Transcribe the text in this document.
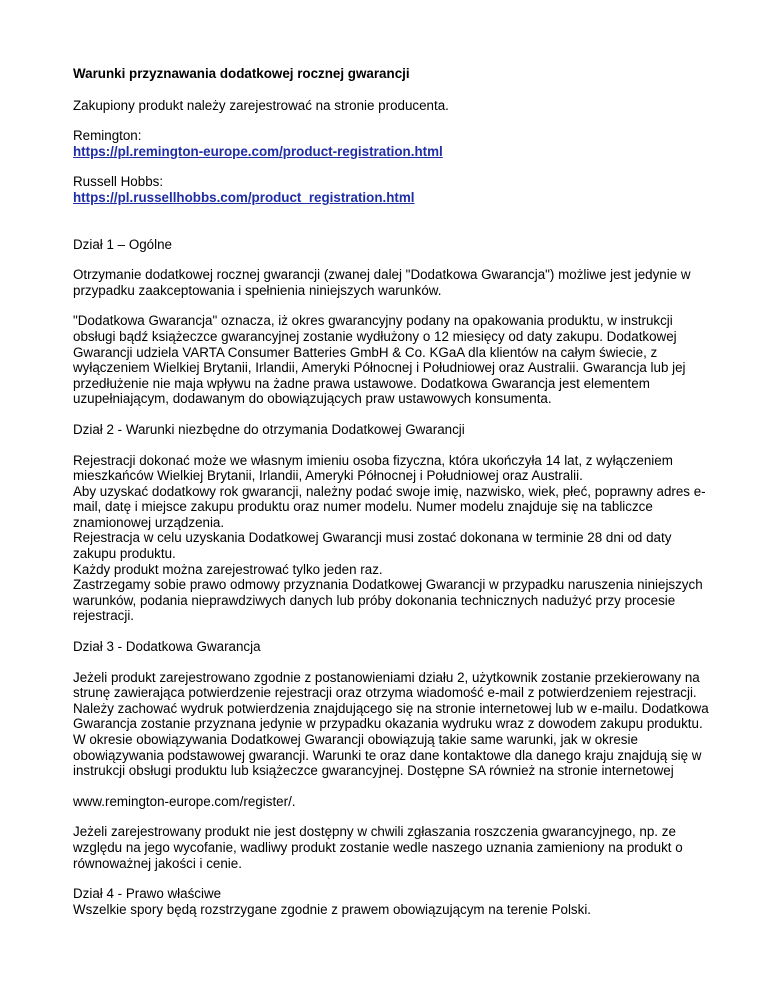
Warunki przyznawania dodatkowej rocznej gwarancji

Zakupiony produkt należy zarejestrować na stronie producenta.

Remington:
https://pl.remington-europe.com/product-registration.html

Russell Hobbs:
https://pl.russellhobbs.com/product_registration.html

Dział 1 – Ogólne

Otrzymanie dodatkowej rocznej gwarancji (zwanej dalej "Dodatkowa Gwarancja") możliwe jest jedynie w przypadku zaakceptowania i spełnienia niniejszych warunków.

"Dodatkowa Gwarancja" oznacza, iż okres gwarancyjny podany na opakowania produktu, w instrukcji obsługi bądź książeczce gwarancyjnej zostanie wydłużony o 12 miesięcy od daty zakupu. Dodatkowej Gwarancji udziela VARTA Consumer Batteries GmbH & Co. KGaA dla klientów na całym świecie, z wyłączeniem Wielkiej Brytanii, Irlandii, Ameryki Północnej i Południowej oraz Australii. Gwarancja lub jej przedłużenie nie maja wpływu na żadne prawa ustawowe. Dodatkowa Gwarancja jest elementem uzupełniającym, dodawanym do obowiązujących praw ustawowych konsumenta.

Dział 2 - Warunki niezbędne do otrzymania Dodatkowej Gwarancji

Rejestracji dokonać może we własnym imieniu osoba fizyczna, która ukończyła 14 lat, z wyłączeniem mieszkańców Wielkiej Brytanii, Irlandii, Ameryki Północnej i Południowej oraz Australii.

Aby uzyskać dodatkowy rok gwarancji, należny podać swoje imię, nazwisko, wiek, płeć, poprawny adres e-mail, datę i miejsce zakupu produktu oraz numer modelu. Numer modelu znajduje się na tabliczce znamionowej urządzenia.

Rejestracja w celu uzyskania Dodatkowej Gwarancji musi zostać dokonana w terminie 28 dni od daty zakupu produktu.

Każdy produkt można zarejestrować tylko jeden raz.

Zastrzegamy sobie prawo odmowy przyznania Dodatkowej Gwarancji w przypadku naruszenia niniejszych warunków, podania nieprawdziwych danych lub próby dokonania technicznych nadużyć przy procesie rejestracji.

Dział 3 - Dodatkowa Gwarancja

Jeżeli produkt zarejestrowano zgodnie z postanowieniami działu 2, użytkownik zostanie przekierowany na strunę zawierająca potwierdzenie rejestracji oraz otrzyma wiadomość e-mail z potwierdzeniem rejestracji. Należy zachować wydruk potwierdzenia znajdującego się na stronie internetowej lub w e-mailu. Dodatkowa Gwarancja zostanie przyznana jedynie w przypadku okazania wydruku wraz z dowodem zakupu produktu. W okresie obowiązywania Dodatkowej Gwarancji obowiązują takie same warunki, jak w okresie obowiązywania podstawowej gwarancji. Warunki te oraz dane kontaktowe dla danego kraju znajdują się w instrukcji obsługi produktu lub książeczce gwarancyjnej. Dostępne SA również na stronie internetowej

www.remington-europe.com/register/.

Jeżeli zarejestrowany produkt nie jest dostępny w chwili zgłaszania roszczenia gwarancyjnego, np. ze względu na jego wycofanie, wadliwy produkt zostanie wedle naszego uznania zamieniony na produkt o równoważnej jakości i cenie.

Dział 4 - Prawo właściwe

Wszelkie spory będą rozstrzygane zgodnie z prawem obowiązującym na terenie Polski.
